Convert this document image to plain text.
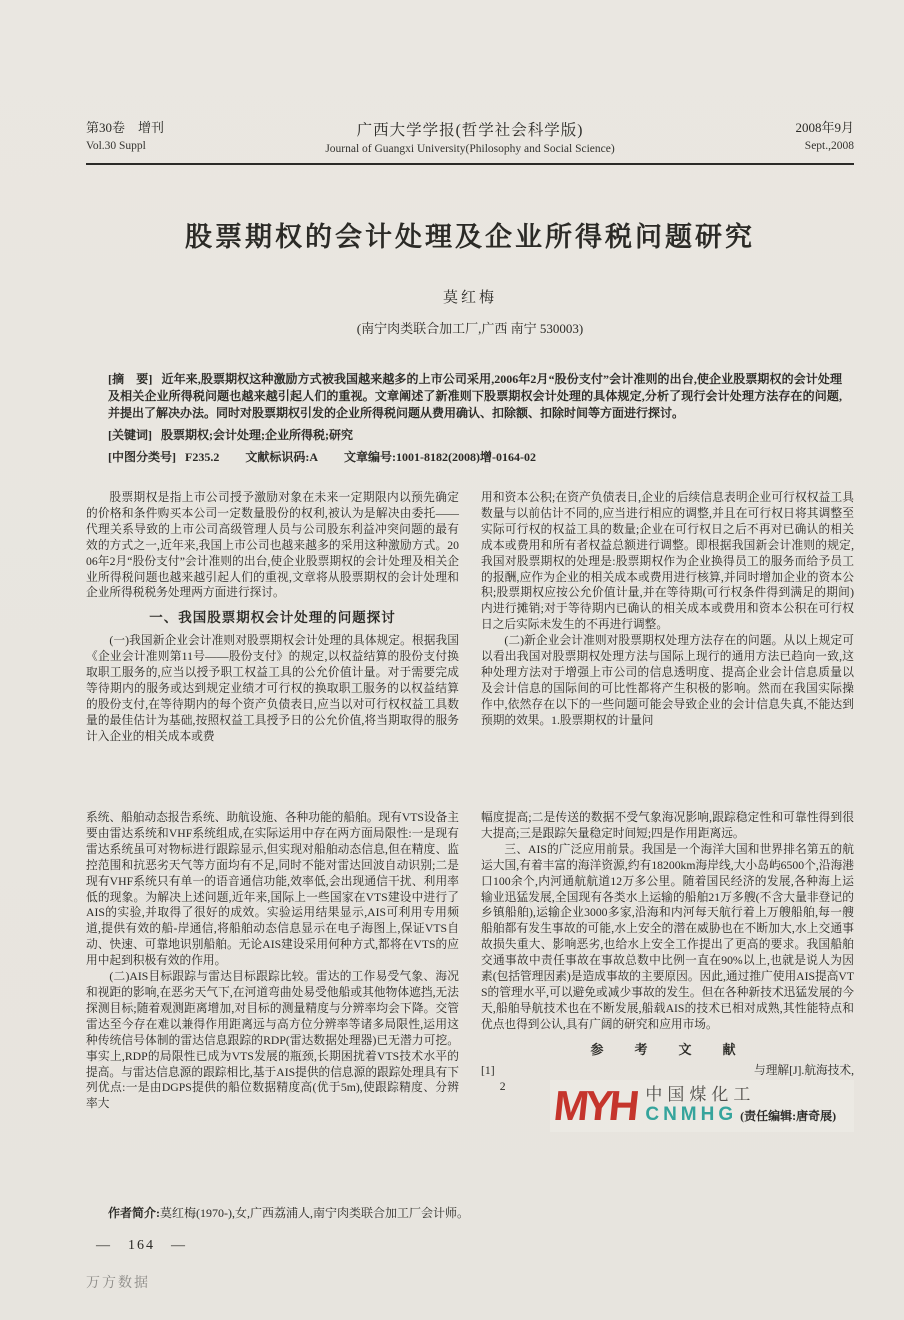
第30卷　增刊
Vol.30 Suppl
广西大学学报(哲学社会科学版)
Journal of Guangxi University(Philosophy and Social Science)
2008年9月
Sept.,2008
股票期权的会计处理及企业所得税问题研究
莫红梅
(南宁肉类联合加工厂,广西 南宁 530003)

[摘　要] 近年来,股票期权这种激励方式被我国越来越多的上市公司采用,2006年2月“股份支付”会计准则的出台,使企业股票期权的会计处理及相关企业所得税问题也越来越引起人们的重视。文章阐述了新准则下股票期权会计处理的具体规定,分析了现行会计处理方法存在的问题,并提出了解决办法。同时对股票期权引发的企业所得税问题从费用确认、扣除额、扣除时间等方面进行探讨。

[关键词] 股票期权;会计处理;企业所得税;研究

[中图分类号] F235.2 文献标识码:A 文章编号:1001-8182(2008)增-0164-02

股票期权是指上市公司授予激励对象在未来一定期限内以预先确定的价格和条件购买本公司一定数量股份的权利,被认为是解决由委托——代理关系导致的上市公司高级管理人员与公司股东利益冲突问题的最有效的方式之一,近年来,我国上市公司也越来越多的采用这种激励方式。2006年2月“股份支付”会计准则的出台,使企业股票期权的会计处理及相关企业所得税问题也越来越引起人们的重视,文章将从股票期权的会计处理和企业所得税税务处理两方面进行探讨。

一、我国股票期权会计处理的问题探讨

(一)我国新企业会计准则对股票期权会计处理的具体规定。根据我国《企业会计准则第11号——股份支付》的规定,以权益结算的股份支付换取职工服务的,应当以授予职工权益工具的公允价值计量。对于需要完成等待期内的服务或达到规定业绩才可行权的换取职工服务的以权益结算的股份支付,在等待期内的每个资产负债表日,应当以对可行权权益工具数量的最佳估计为基础,按照权益工具授予日的公允价值,将当期取得的服务计入企业的相关成本或费

用和资本公积;在资产负债表日,企业的后续信息表明企业可行权权益工具数量与以前估计不同的,应当进行相应的调整,并且在可行权日将其调整至实际可行权的权益工具的数量;企业在可行权日之后不再对已确认的相关成本或费用和所有者权益总额进行调整。即根据我国新会计准则的规定,我国对股票期权的处理是:股票期权作为企业换得员工的服务而给予员工的报酬,应作为企业的相关成本或费用进行核算,并同时增加企业的资本公积;股票期权应按公允价值计量,并在等待期(可行权条件得到满足的期间)内进行摊销;对于等待期内已确认的相关成本或费用和资本公积在可行权日之后实际未发生的不再进行调整。

(二)新企业会计准则对股票期权处理方法存在的问题。从以上规定可以看出我国对股票期权处理方法与国际上现行的通用方法已趋向一致,这种处理方法对于增强上市公司的信息透明度、提高企业会计信息质量以及会计信息的国际间的可比性都将产生积极的影响。然而在我国实际操作中,依然存在以下的一些问题可能会导致企业的会计信息失真,不能达到预期的效果。1.股票期权的计量问

系统、船舶动态报告系统、助航设施、各种功能的船舶。现有VTS设备主要由雷达系统和VHF系统组成,在实际运用中存在两方面局限性:一是现有雷达系统虽可对物标进行跟踪显示,但实现对船舶动态信息,但在精度、监控范围和抗恶劣天气等方面均有不足,同时不能对雷达回波自动识别;二是现有VHF系统只有单一的语音通信功能,效率低,会出现通信干扰、利用率低的现象。为解决上述问题,近年来,国际上一些国家在VTS建设中进行了AIS的实验,并取得了很好的成效。实验运用结果显示,AIS可利用专用频道,提供有效的船-岸通信,将船舶动态信息显示在电子海图上,保证VTS自动、快速、可靠地识别船舶。无论AIS建设采用何种方式,都将在VTS的应用中起到积极有效的作用。

(二)AIS目标跟踪与雷达目标跟踪比较。雷达的工作易受气象、海况和视距的影响,在恶劣天气下,在河道弯曲处易受他船或其他物体遮挡,无法探测目标;随着观测距离增加,对目标的测量精度与分辨率均会下降。交管雷达至今存在难以兼得作用距离远与高方位分辨率等诸多局限性,运用这种传统信号体制的雷达信息跟踪的RDP(雷达数据处理器)已无潜力可挖。事实上,RDP的局限性已成为VTS发展的瓶颈,长期困扰着VTS技术水平的提高。与雷达信息源的跟踪相比,基于AIS提供的信息源的跟踪处理具有下列优点:一是由DGPS提供的船位数据精度高(优于5m),使跟踪精度、分辨率大

幅度提高;二是传送的数据不受气象海况影响,跟踪稳定性和可靠性得到很大提高;三是跟踪矢量稳定时间短;四是作用距离远。

三、AIS的广泛应用前景。我国是一个海洋大国和世界排名第五的航运大国,有着丰富的海洋资源,约有18200km海岸线,大小岛屿6500个,沿海港口100余个,内河通航航道12万多公里。随着国民经济的发展,各种海上运输业迅猛发展,全国现有各类水上运输的船舶21万多艘(不含大量非登记的乡镇船舶),运输企业3000多家,沿海和内河每天航行着上万艘船舶,每一艘船舶都有发生事故的可能,水上安全的潜在威胁也在不断加大,水上交通事故损失重大、影响恶劣,也给水上安全工作提出了更高的要求。我国船舶交通事故中责任事故在事故总数中比例一直在90%以上,也就是说人为因素(包括管理因素)是造成事故的主要原因。因此,通过推广使用AIS提高VTS的管理水平,可以避免或减少事故的发生。但在各种新技术迅猛发展的今天,船舶导航技术也在不断发展,船载AIS的技术已相对成熟,其性能特点和优点也得到公认,具有广阔的研究和应用市场。

参　考　文　献
[1]	与理解[J].航海技术,
2	MYH 中国煤化工
CNMHG (责任编辑:唐奇展)
作者简介:莫红梅(1970-),女,广西荔浦人,南宁肉类联合加工厂会计师。
—　164　—
万方数据
